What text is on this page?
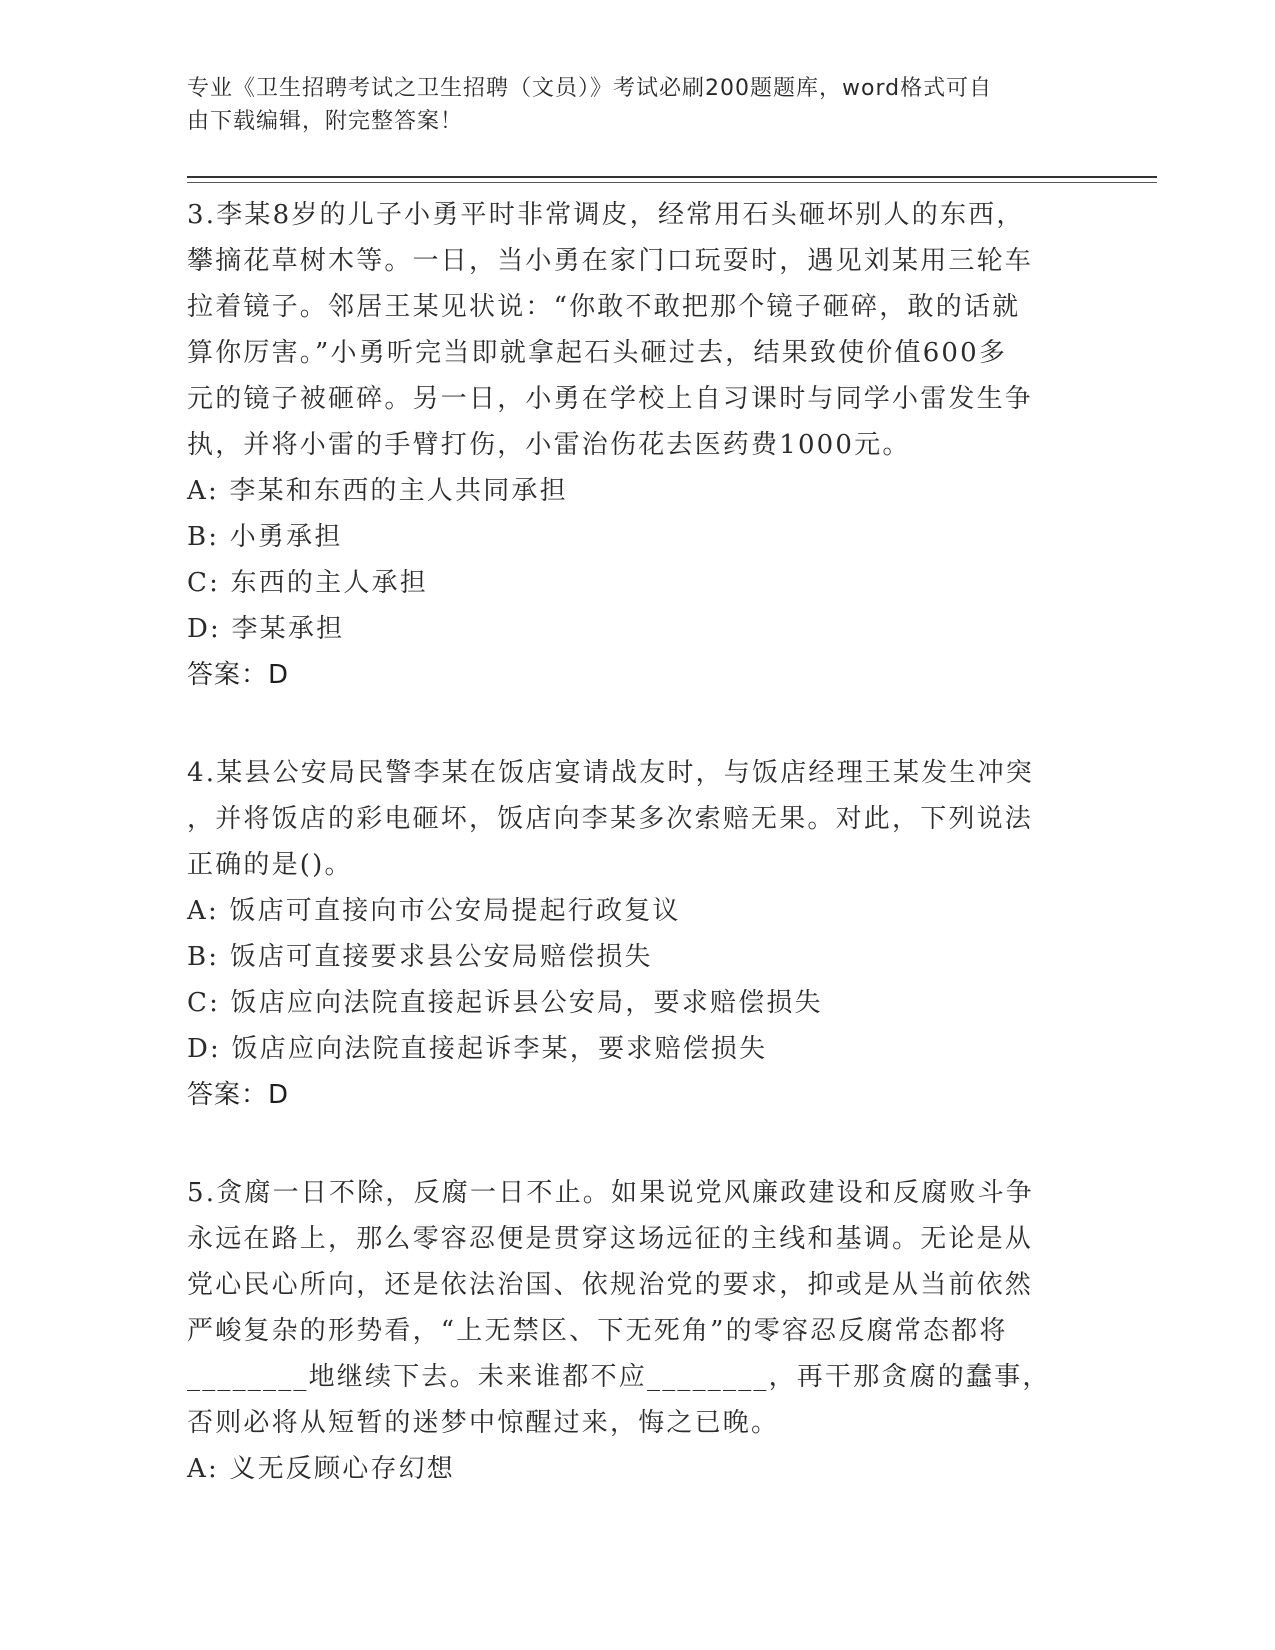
专业《卫生招聘考试之卫生招聘（文员）》考试必刷200题题库，word格式可自
由下载编辑，附完整答案！
3.李某8岁的儿子小勇平时非常调皮，经常用石头砸坏别人的东西，
攀摘花草树木等。一日，当小勇在家门口玩耍时，遇见刘某用三轮车
拉着镜子。邻居王某见状说：“你敢不敢把那个镜子砸碎，敢的话就
算你厉害。”小勇听完当即就拿起石头砸过去，结果致使价值600多
元的镜子被砸碎。另一日，小勇在学校上自习课时与同学小雷发生争
执，并将小雷的手臂打伤，小雷治伤花去医药费1000元。
A: 李某和东西的主人共同承担
B: 小勇承担
C: 东西的主人承担
D: 李某承担
答案：D
4.某县公安局民警李某在饭店宴请战友时，与饭店经理王某发生冲突
，并将饭店的彩电砸坏，饭店向李某多次索赔无果。对此，下列说法
正确的是()。
A: 饭店可直接向市公安局提起行政复议
B: 饭店可直接要求县公安局赔偿损失
C: 饭店应向法院直接起诉县公安局，要求赔偿损失
D: 饭店应向法院直接起诉李某，要求赔偿损失
答案：D
5.贪腐一日不除，反腐一日不止。如果说党风廉政建设和反腐败斗争
永远在路上，那么零容忍便是贯穿这场远征的主线和基调。无论是从
党心民心所向，还是依法治国、依规治党的要求，抑或是从当前依然
严峻复杂的形势看，“上无禁区、下无死角”的零容忍反腐常态都将
________地继续下去。未来谁都不应________，再干那贪腐的蠢事，
否则必将从短暂的迷梦中惊醒过来，悔之已晚。
A: 义无反顾心存幻想
